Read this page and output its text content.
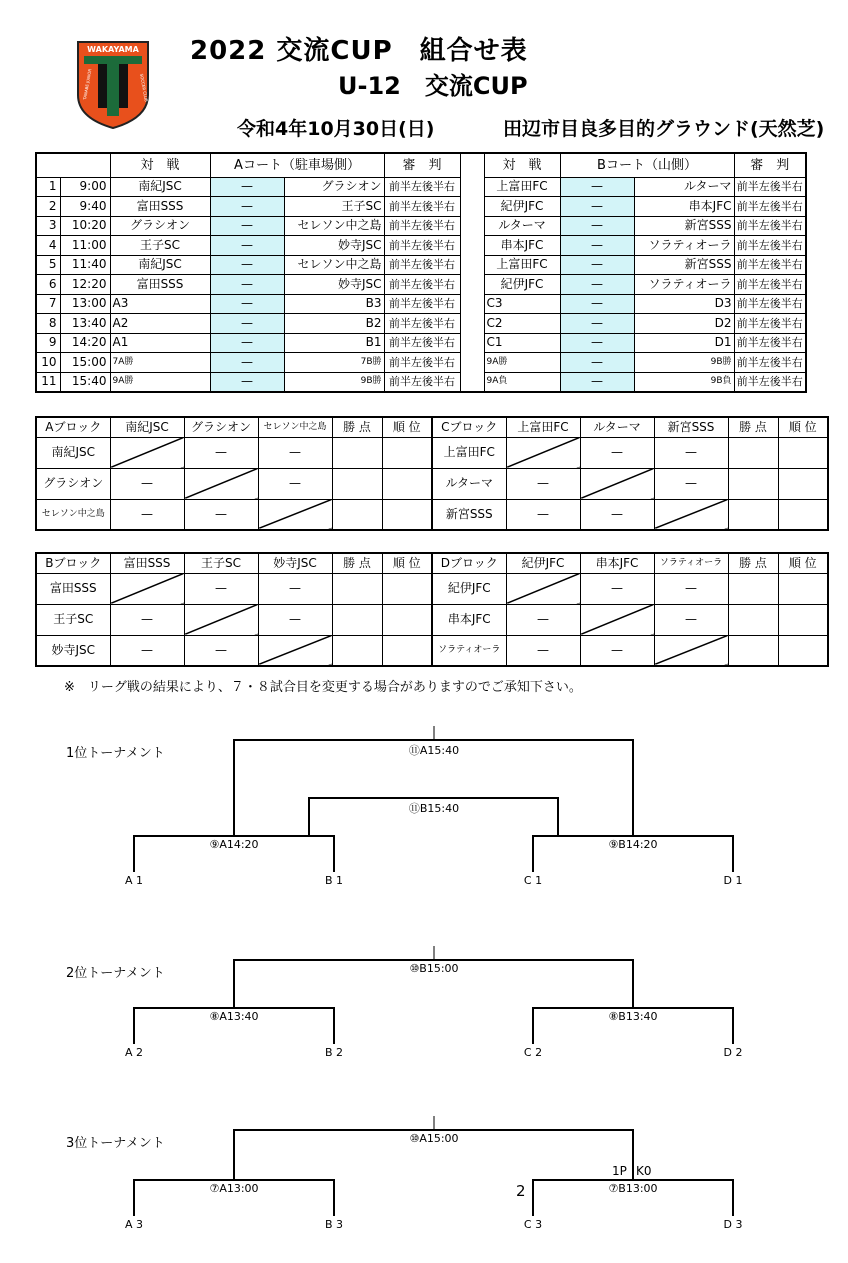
WAKAYAMA
TANABE JUNIOR	SOCCER CLUB
2022 交流CUP　組合せ表
U-12　交流CUP
令和4年10月30日(日)	田辺市目良多目的グラウンド(天然芝)
		対　戦	Aコート（駐車場側）		審　判		対　戦	Bコート（山側）		審　判
1	9:00	南紀JSC	—	グラシオン	前半左後半右		上富田FC	—	ルターマ	前半左後半右
2	9:40	富田SSS	—	王子SC	前半左後半右		紀伊JFC	—	串本JFC	前半左後半右
3	10:20	グラシオン	—	セレソン中之島	前半左後半右		ルターマ	—	新宮SSS	前半左後半右
4	11:00	王子SC	—	妙寺JSC	前半左後半右		串本JFC	—	ソラティオーラ	前半左後半右
5	11:40	南紀JSC	—	セレソン中之島	前半左後半右		上富田FC	—	新宮SSS	前半左後半右
6	12:20	富田SSS	—	妙寺JSC	前半左後半右		紀伊JFC	—	ソラティオーラ	前半左後半右
7	13:00	A3	—	B3	前半左後半右		C3	—	D3	前半左後半右
8	13:40	A2	—	B2	前半左後半右		C2	—	D2	前半左後半右
9	14:20	A1	—	B1	前半左後半右		C1	—	D1	前半左後半右
10	15:00	7A勝	—	7B勝	前半左後半右		9A勝	—	9B勝	前半左後半右
11	15:40	9A勝	—	9B勝	前半左後半右		9A負	—	9B負	前半左後半右
Aブロック	南紀JSC	グラシオン	セレソン中之島	勝 点	順 位	Cブロック	上富田FC	ルターマ	新宮SSS	勝 点	順 位
南紀JSC		—	—			上富田FC		—	—		
グラシオン	—		—			ルターマ	—		—		
セレソン中之島	—	—				新宮SSS	—	—			
Bブロック	富田SSS	王子SC	妙寺JSC	勝 点	順 位	Dブロック	紀伊JFC	串本JFC	ソラティオーラ	勝 点	順 位
富田SSS		—	—			紀伊JFC		—	—		
王子SC	—		—			串本JFC	—		—		
妙寺JSC	—	—				ソラティオーラ	—	—			
※　リーグ戦の結果により、７・８試合目を変更する場合がありますのでご承知下さい。
1位トーナメント	⑪A15:40
⑪B15:40
⑨A14:20	⑨B14:20
A 1	B 1	C 1	D 1
2位トーナメント	⑩B15:00
⑧A13:40	⑧B13:40
A 2	B 2	C 2	D 2
3位トーナメント	⑩A15:00
⑦A13:00	⑦B13:00
1P K0
2
A 3	B 3	C 3	D 3
